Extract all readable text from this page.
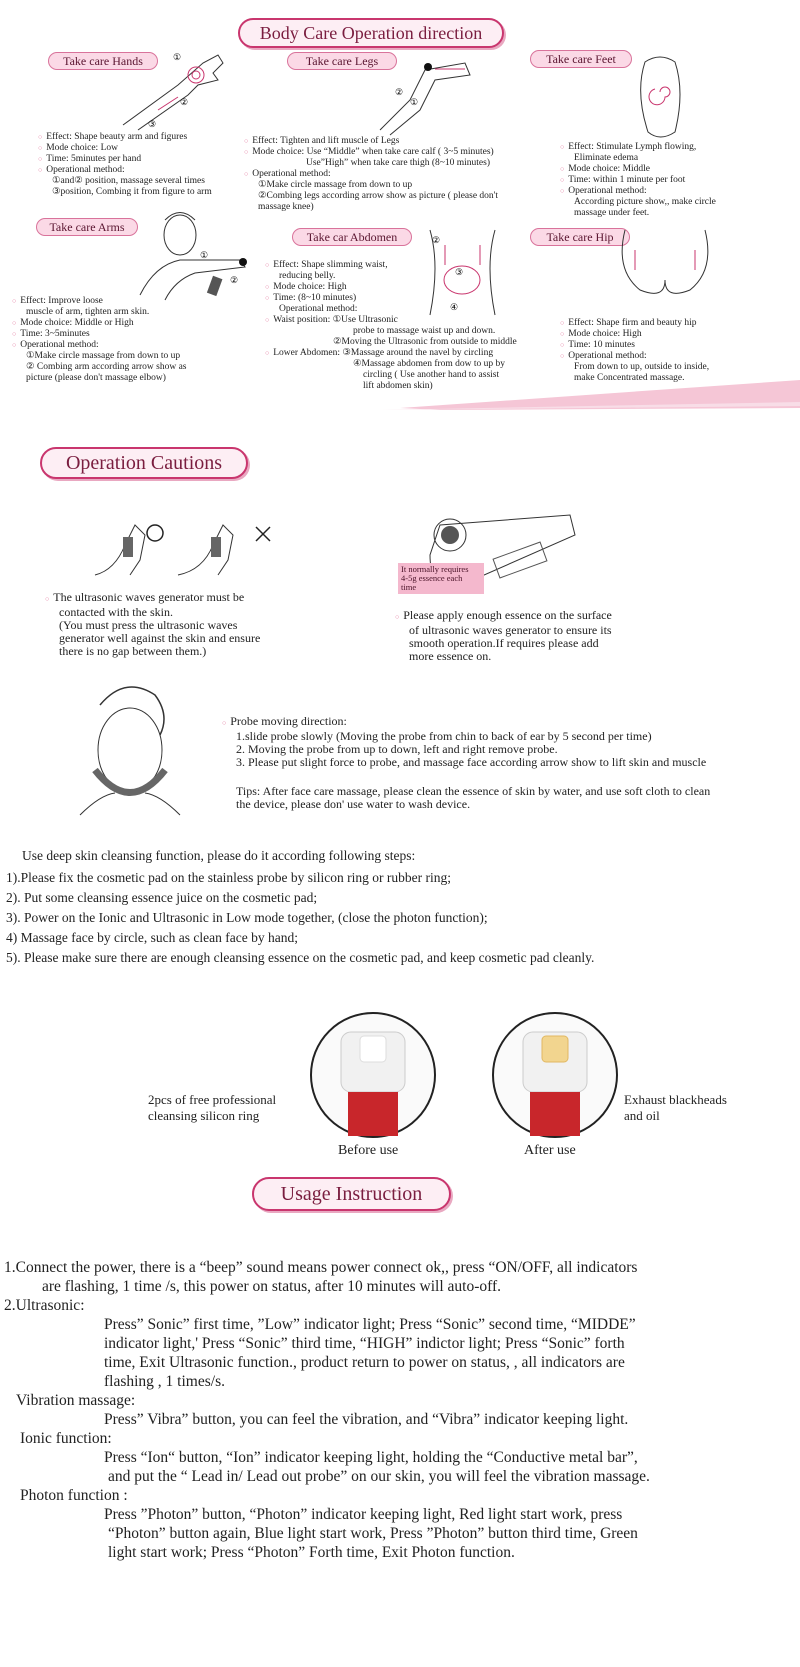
Body Care Operation direction
Take care Hands	①
②
③
○ Effect: Shape beauty arm and figures
○ Mode choice: Low
○ Time: 5minutes per hand
○ Operational method:
①and② position, massage several times
③position, Combing it from figure to arm
Take care Legs
②
①
○ Effect: Tighten and lift muscle of Legs
○ Mode choice: Use “Middle” when take care calf ( 3~5 minutes)
Use”High” when take care thigh (8~10 minutes)
○ Operational method:
①Make circle massage from down to up
②Combing legs according arrow show as picture ( please don't
massage knee)
Take care Feet
○ Effect: Stimulate Lymph flowing,
Eliminate edema
○ Mode choice: Middle
○ Time: within 1 minute per foot
○ Operational method:
According picture show,, make circle
massage under feet.
Take care Arms
①
②
○ Effect: Improve loose
muscle of arm, tighten arm skin.
○ Mode choice: Middle or High
○ Time: 3~5minutes
○ Operational method:
①Make circle massage from down to up
② Combing arm according arrow show as
picture (please don't massage elbow)
Take car Abdomen	②
③
④
○ Effect: Shape slimming waist,
reducing belly.
○ Mode choice: High
○ Time: (8~10 minutes)
Operational method:
○ Waist position: ①Use Ultrasonic
probe to massage waist up and down.
②Moving the Ultrasonic from outside to middle
○ Lower Abdomen: ③Massage around the navel by circling
④Massage abdomen from dow to up by
circling ( Use another hand to assist
lift abdomen skin)
Take care Hip
○ Effect: Shape firm and beauty hip
○ Mode choice: High
○ Time: 10 minutes
○ Operational method:
From down to up, outside to inside,
make Concentrated massage.
Operation Cautions
○ The ultrasonic waves generator must be
contacted with the skin.
(You must press the ultrasonic waves
generator well against the skin and ensure
there is no gap between them.)
It normally requires
4-5g essence each
time
○ Please apply enough essence on the surface
of ultrasonic waves generator to ensure its
smooth operation.If requires please add
more essence on.
○ Probe moving direction:
1.slide probe slowly (Moving the probe from chin to back of ear by 5 second per time)
2. Moving the probe from up to down, left and right remove probe.
3. Please put slight force to probe, and massage face according arrow show to lift skin and muscle
Tips: After face care massage, please clean the essence of skin by water, and use soft cloth to clean
the device, please don' use water to wash device.
Use deep skin cleansing function, please do it according following steps:
1).Please fix the cosmetic pad on the stainless probe by silicon ring or rubber ring;
2). Put some cleansing essence juice on the cosmetic pad;
3). Power on the Ionic and Ultrasonic in Low mode together, (close the photon function);
4) Massage face by circle, such as clean face by hand;
5). Please make sure there are enough cleansing essence on the cosmetic pad, and keep cosmetic pad cleanly.
2pcs of free professional
cleansing silicon ring
Exhaust blackheads
and oil
Before use	After use
Usage Instruction
1.Connect the power, there is a “beep” sound means power connect ok,, press “ON/OFF, all indicators
are flashing, 1 time /s, this power on status, after 10 minutes will auto-off.
2.Ultrasonic:
Press” Sonic” first time, ”Low” indicator light; Press “Sonic” second time, “MIDDE”
indicator light,' Press “Sonic” third time, “HIGH” indictor light; Press “Sonic” forth
time, Exit Ultrasonic function., product return to power on status, , all indicators are
flashing , 1 times/s.
Vibration massage:
Press” Vibra” button, you can feel the vibration, and “Vibra” indicator keeping light.
Ionic function:
Press “Ion“ button, “Ion” indicator keeping light, holding the “Conductive metal bar”,
and put the “ Lead in/ Lead out probe” on our skin, you will feel the vibration massage.
Photon function :
Press ”Photon” button, “Photon” indicator keeping light, Red light start work, press
“Photon” button again, Blue light start work, Press ”Photon” button third time, Green
light start work; Press “Photon” Forth time, Exit Photon function.
